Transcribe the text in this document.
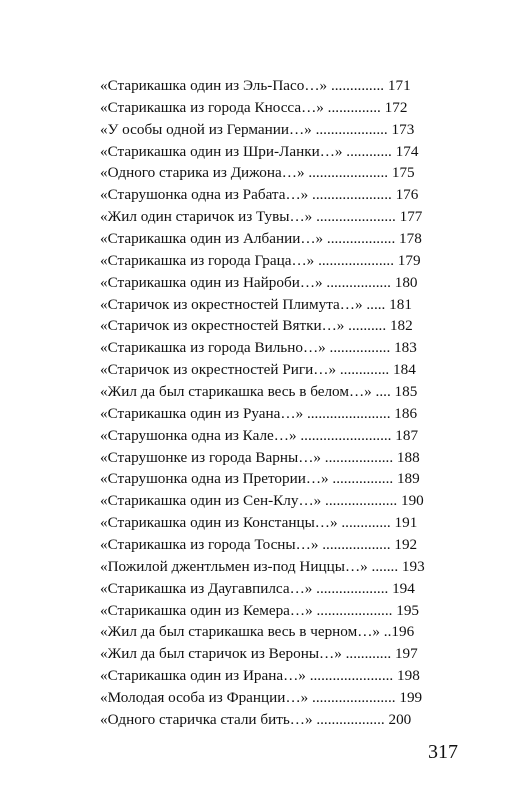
«Старикашка один из Эль-Пасо…» .............. 171
«Старикашка из города Кносса…» .............. 172
«У особы одной из Германии…» ................... 173
«Старикашка один из Шри-Ланки…» ............ 174
«Одного старика из Дижона…» ..................... 175
«Старушонка одна из Рабата…» ..................... 176
«Жил один старичок из Тувы…» ..................... 177
«Старикашка один из Албании…» .................. 178
«Старикашка из города Граца…» .................... 179
«Старикашка один из Найроби…» ................. 180
«Старичок из окрестностей Плимута…» ..... 181
«Старичок из окрестностей Вятки…» .......... 182
«Старикашка из города Вильно…» ................ 183
«Старичок из окрестностей Риги…» ............. 184
«Жил да был старикашка весь в белом…» .... 185
«Старикашка один из Руана…» ...................... 186
«Старушонка одна из Кале…» ........................ 187
«Старушонке из города Варны…» .................. 188
«Старушонка одна из Претории…» ................ 189
«Старикашка один из Сен-Клу…» ................... 190
«Старикашка один из Констанцы…» ............. 191
«Старикашка из города Тосны…» .................. 192
«Пожилой джентльмен из-под Ниццы…» ....... 193
«Старикашка из Даугавпилса…» ................... 194
«Старикашка один из Кемера…» .................... 195
«Жил да был старикашка весь в черном…» ..196
«Жил да был старичок из Вероны…» ............ 197
«Старикашка один из Ирана…» ...................... 198
«Молодая особа из Франции…» ...................... 199
«Одного старичка стали бить…» .................. 200
317
